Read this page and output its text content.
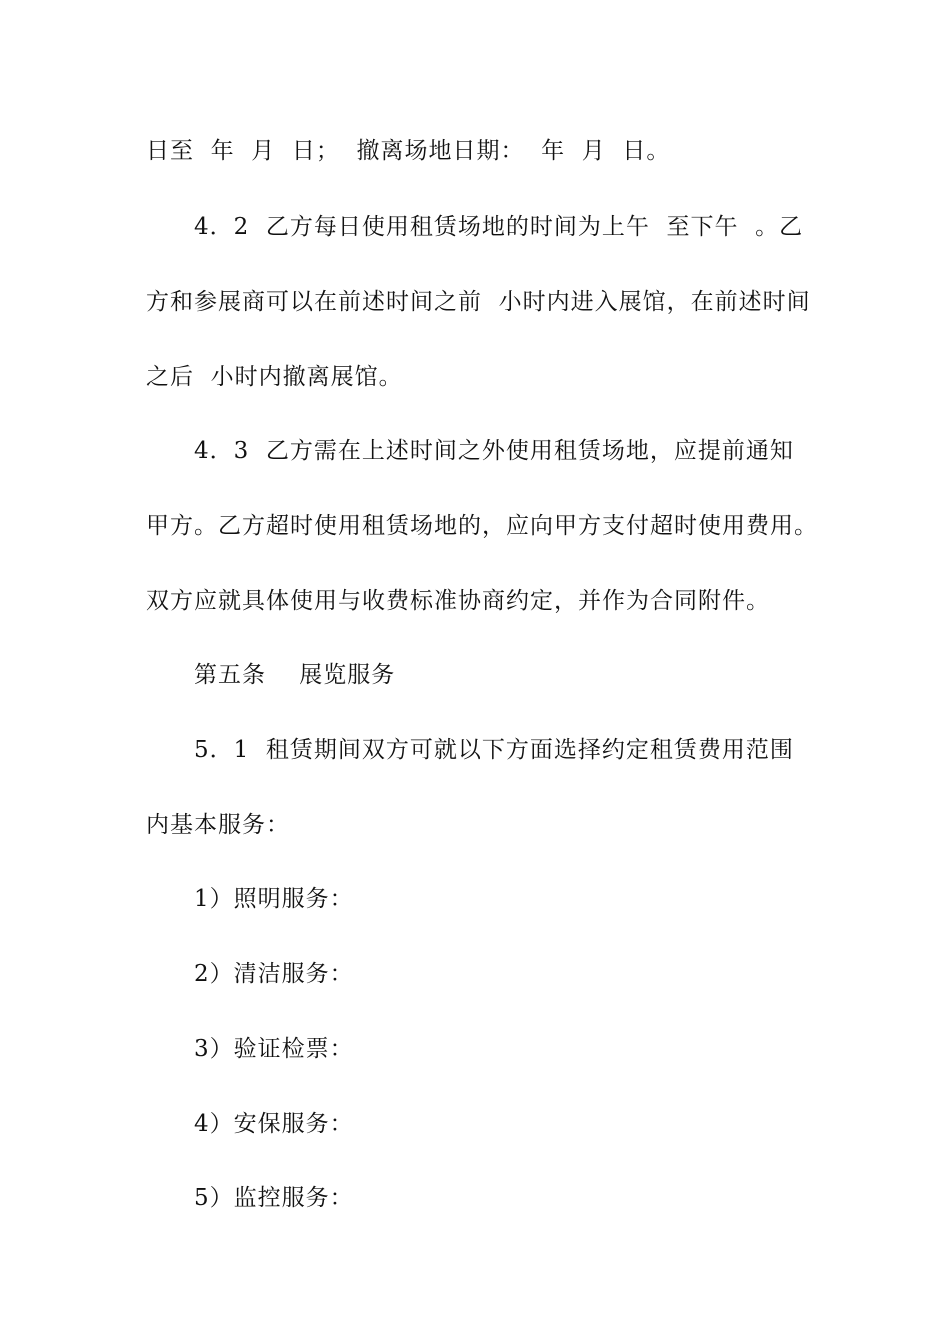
日至  年  月  日；  撤离场地日期：  年  月  日。
4．2  乙方每日使用租赁场地的时间为上午  至下午  。乙
方和参展商可以在前述时间之前  小时内进入展馆，在前述时间
之后  小时内撤离展馆。
4．3  乙方需在上述时间之外使用租赁场地，应提前通知
甲方。乙方超时使用租赁场地的，应向甲方支付超时使用费用。
双方应就具体使用与收费标准协商约定，并作为合同附件。
第五条    展览服务
5．1  租赁期间双方可就以下方面选择约定租赁费用范围
内基本服务：
1）照明服务：
2）清洁服务：
3）验证检票：
4）安保服务：
5）监控服务：
